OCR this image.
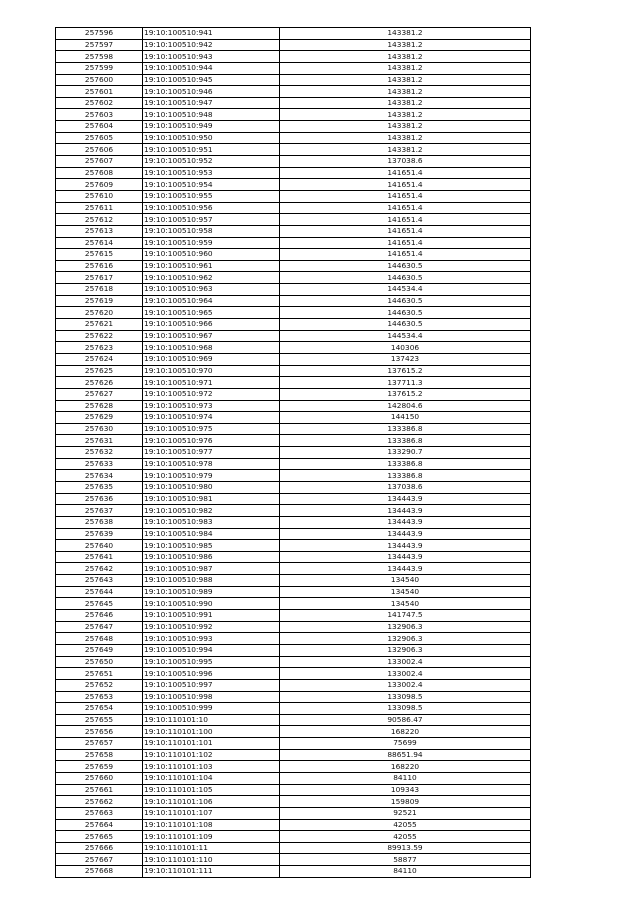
257596	19:10:100510:941	143381.2
257597	19:10:100510:942	143381.2
257598	19:10:100510:943	143381.2
257599	19:10:100510:944	143381.2
257600	19:10:100510:945	143381.2
257601	19:10:100510:946	143381.2
257602	19:10:100510:947	143381.2
257603	19:10:100510:948	143381.2
257604	19:10:100510:949	143381.2
257605	19:10:100510:950	143381.2
257606	19:10:100510:951	143381.2
257607	19:10:100510:952	137038.6
257608	19:10:100510:953	141651.4
257609	19:10:100510:954	141651.4
257610	19:10:100510:955	141651.4
257611	19:10:100510:956	141651.4
257612	19:10:100510:957	141651.4
257613	19:10:100510:958	141651.4
257614	19:10:100510:959	141651.4
257615	19:10:100510:960	141651.4
257616	19:10:100510:961	144630.5
257617	19:10:100510:962	144630.5
257618	19:10:100510:963	144534.4
257619	19:10:100510:964	144630.5
257620	19:10:100510:965	144630.5
257621	19:10:100510:966	144630.5
257622	19:10:100510:967	144534.4
257623	19:10:100510:968	140306
257624	19:10:100510:969	137423
257625	19:10:100510:970	137615.2
257626	19:10:100510:971	137711.3
257627	19:10:100510:972	137615.2
257628	19:10:100510:973	142804.6
257629	19:10:100510:974	144150
257630	19:10:100510:975	133386.8
257631	19:10:100510:976	133386.8
257632	19:10:100510:977	133290.7
257633	19:10:100510:978	133386.8
257634	19:10:100510:979	133386.8
257635	19:10:100510:980	137038.6
257636	19:10:100510:981	134443.9
257637	19:10:100510:982	134443.9
257638	19:10:100510:983	134443.9
257639	19:10:100510:984	134443.9
257640	19:10:100510:985	134443.9
257641	19:10:100510:986	134443.9
257642	19:10:100510:987	134443.9
257643	19:10:100510:988	134540
257644	19:10:100510:989	134540
257645	19:10:100510:990	134540
257646	19:10:100510:991	141747.5
257647	19:10:100510:992	132906.3
257648	19:10:100510:993	132906.3
257649	19:10:100510:994	132906.3
257650	19:10:100510:995	133002.4
257651	19:10:100510:996	133002.4
257652	19:10:100510:997	133002.4
257653	19:10:100510:998	133098.5
257654	19:10:100510:999	133098.5
257655	19:10:110101:10	90586.47
257656	19:10:110101:100	168220
257657	19:10:110101:101	75699
257658	19:10:110101:102	88651.94
257659	19:10:110101:103	168220
257660	19:10:110101:104	84110
257661	19:10:110101:105	109343
257662	19:10:110101:106	159809
257663	19:10:110101:107	92521
257664	19:10:110101:108	42055
257665	19:10:110101:109	42055
257666	19:10:110101:11	89913.59
257667	19:10:110101:110	58877
257668	19:10:110101:111	84110
